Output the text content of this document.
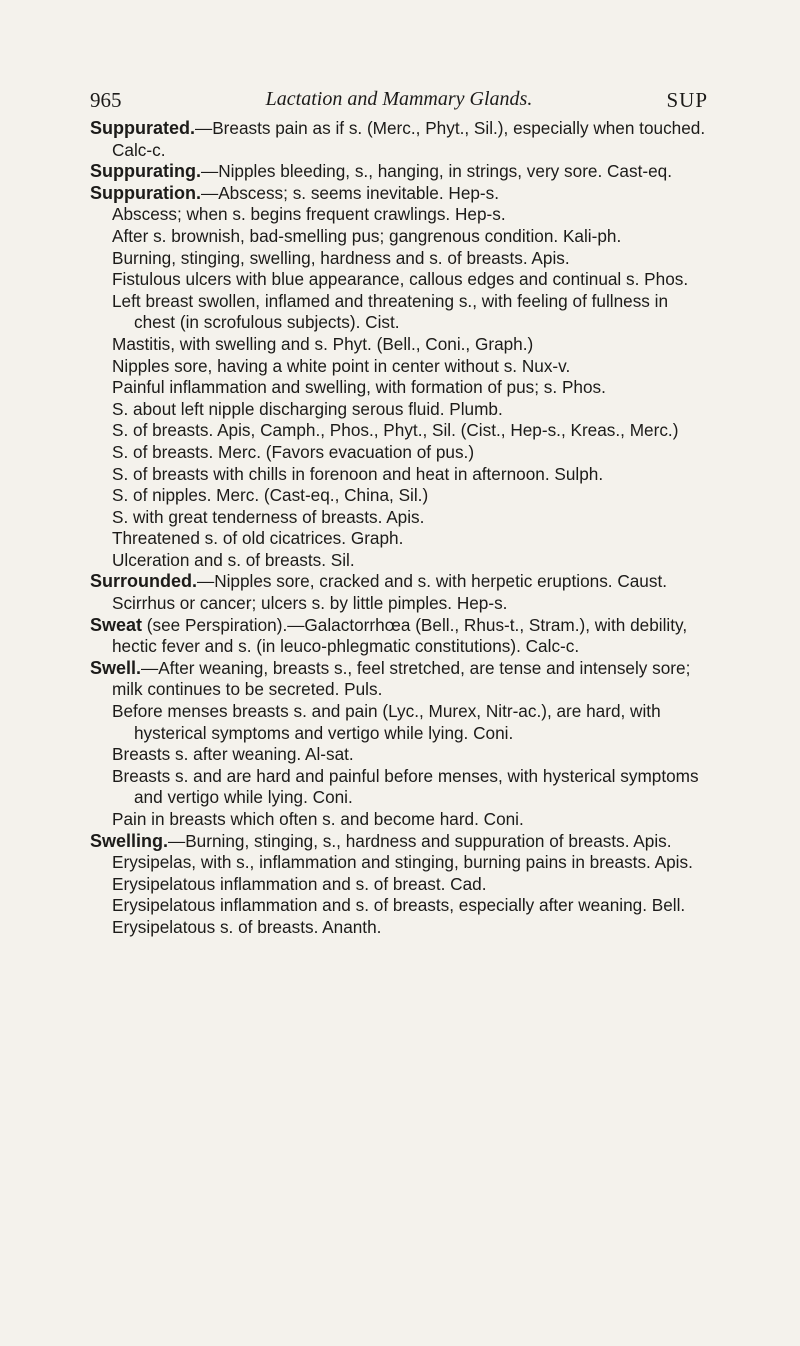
965	Lactation and Mammary Glands.	SUP

Suppurated.—Breasts pain as if s. (Merc., Phyt., Sil.), especially when touched. Calc-c.

Suppurating.—Nipples bleeding, s., hanging, in strings, very sore. Cast-eq.

Suppuration.—Abscess; s. seems inevitable. Hep-s.

Abscess; when s. begins frequent crawlings. Hep-s.

After s. brownish, bad-smelling pus; gangrenous condition. Kali-ph.

Burning, stinging, swelling, hardness and s. of breasts. Apis.

Fistulous ulcers with blue appearance, callous edges and continual s. Phos.

Left breast swollen, inflamed and threatening s., with feeling of fullness in chest (in scrofulous subjects). Cist.

Mastitis, with swelling and s. Phyt. (Bell., Coni., Graph.)

Nipples sore, having a white point in center without s. Nux-v.

Painful inflammation and swelling, with formation of pus; s. Phos.

S. about left nipple discharging serous fluid. Plumb.

S. of breasts. Apis, Camph., Phos., Phyt., Sil. (Cist., Hep-s., Kreas., Merc.)

S. of breasts. Merc. (Favors evacuation of pus.)

S. of breasts with chills in forenoon and heat in afternoon. Sulph.

S. of nipples. Merc. (Cast-eq., China, Sil.)

S. with great tenderness of breasts. Apis.

Threatened s. of old cicatrices. Graph.

Ulceration and s. of breasts. Sil.

Surrounded.—Nipples sore, cracked and s. with herpetic eruptions. Caust.

Scirrhus or cancer; ulcers s. by little pimples. Hep-s.

Sweat (see Perspiration).—Galactorrhœa (Bell., Rhus-t., Stram.), with debility, hectic fever and s. (in leuco-phlegmatic constitutions). Calc-c.

Swell.—After weaning, breasts s., feel stretched, are tense and intensely sore; milk continues to be secreted. Puls.

Before menses breasts s. and pain (Lyc., Murex, Nitr-ac.), are hard, with hysterical symptoms and vertigo while lying. Coni.

Breasts s. after weaning. Al-sat.

Breasts s. and are hard and painful before menses, with hysterical symptoms and vertigo while lying. Coni.

Pain in breasts which often s. and become hard. Coni.

Swelling.—Burning, stinging, s., hardness and suppuration of breasts. Apis.

Erysipelas, with s., inflammation and stinging, burning pains in breasts. Apis.

Erysipelatous inflammation and s. of breast. Cad.

Erysipelatous inflammation and s. of breasts, especially after weaning. Bell.

Erysipelatous s. of breasts. Ananth.
